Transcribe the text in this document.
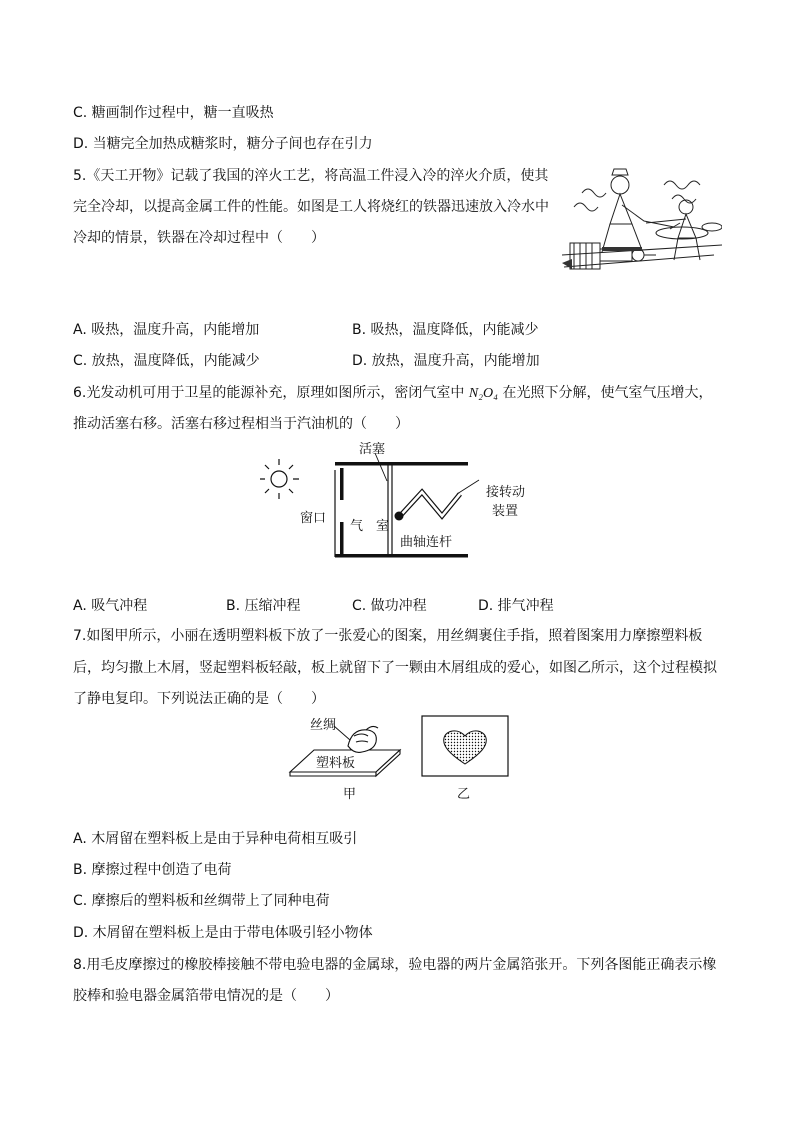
C. 糖画制作过程中，糖一直吸热
D. 当糖完全加热成糖浆时，糖分子间也存在引力
5.《天工开物》记载了我国的淬火工艺，将高温工件浸入冷的淬火介质，使其
完全冷却，以提高金属工件的性能。如图是工人将烧红的铁器迅速放入冷水中
冷却的情景，铁器在冷却过程中（　　）
A. 吸热，温度升高，内能增加	B. 吸热，温度降低，内能减少
C. 放热，温度降低，内能减少	D. 放热，温度升高，内能增加
6.光发动机可用于卫星的能源补充，原理如图所示，密闭气室中 N₂O₄ 在光照下分解，使气室气压增大，
推动活塞右移。活塞右移过程相当于汽油机的（　　）
活塞
窗口
气　室
曲轴连杆
接转动
装置
A. 吸气冲程	B. 压缩冲程	C. 做功冲程	D. 排气冲程
7.如图甲所示，小丽在透明塑料板下放了一张爱心的图案，用丝绸裹住手指，照着图案用力摩擦塑料板
后，均匀撒上木屑，竖起塑料板轻敲，板上就留下了一颗由木屑组成的爱心，如图乙所示，这个过程模拟
了静电复印。下列说法正确的是（　　）
丝绸
塑料板
甲	乙
A. 木屑留在塑料板上是由于异种电荷相互吸引
B. 摩擦过程中创造了电荷
C. 摩擦后的塑料板和丝绸带上了同种电荷
D. 木屑留在塑料板上是由于带电体吸引轻小物体
8.用毛皮摩擦过的橡胶棒接触不带电验电器的金属球，验电器的两片金属箔张开。下列各图能正确表示橡
胶棒和验电器金属箔带电情况的是（　　）
